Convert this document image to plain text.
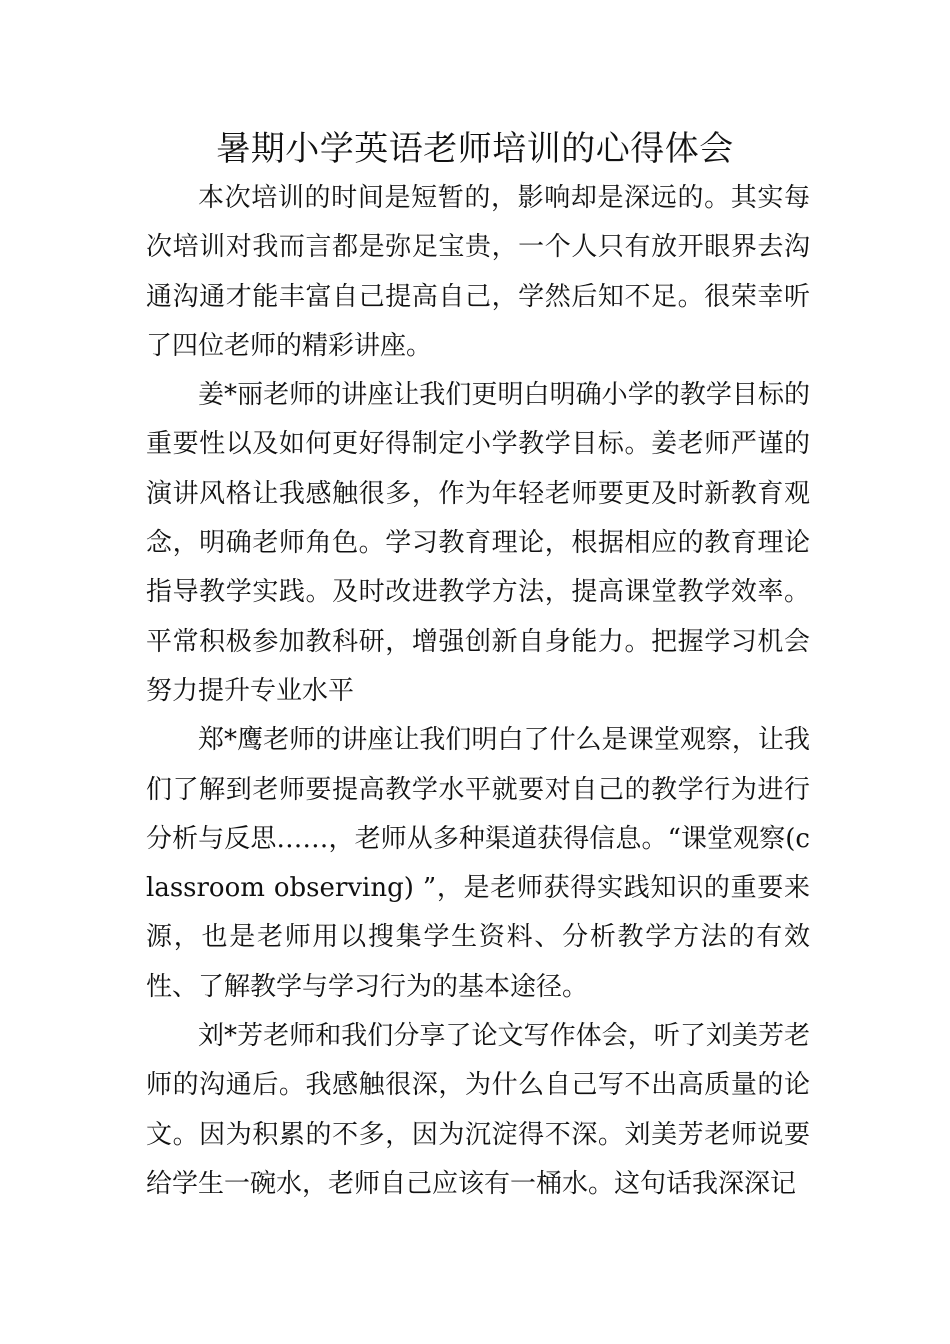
暑期小学英语老师培训的心得体会

本次培训的时间是短暂的，影响却是深远的。其实每次培训对我而言都是弥足宝贵，一个人只有放开眼界去沟通沟通才能丰富自己提高自己，学然后知不足。很荣幸听了四位老师的精彩讲座。

姜*丽老师的讲座让我们更明白明确小学的教学目标的重要性以及如何更好得制定小学教学目标。姜老师严谨的演讲风格让我感触很多，作为年轻老师要更及时新教育观念，明确老师角色。学习教育理论，根据相应的教育理论指导教学实践。及时改进教学方法，提高课堂教学效率。平常积极参加教科研，增强创新自身能力。把握学习机会努力提升专业水平

郑*鹰老师的讲座让我们明白了什么是课堂观察，让我们了解到老师要提高教学水平就要对自己的教学行为进行分析与反思……，老师从多种渠道获得信息。“课堂观察(classroom observing) ”，是老师获得实践知识的重要来源，也是老师用以搜集学生资料、分析教学方法的有效性、了解教学与学习行为的基本途径。

刘*芳老师和我们分享了论文写作体会，听了刘美芳老师的沟通后。我感触很深，为什么自己写不出高质量的论文。因为积累的不多，因为沉淀得不深。刘美芳老师说要给学生一碗水，老师自己应该有一桶水。这句话我深深记
